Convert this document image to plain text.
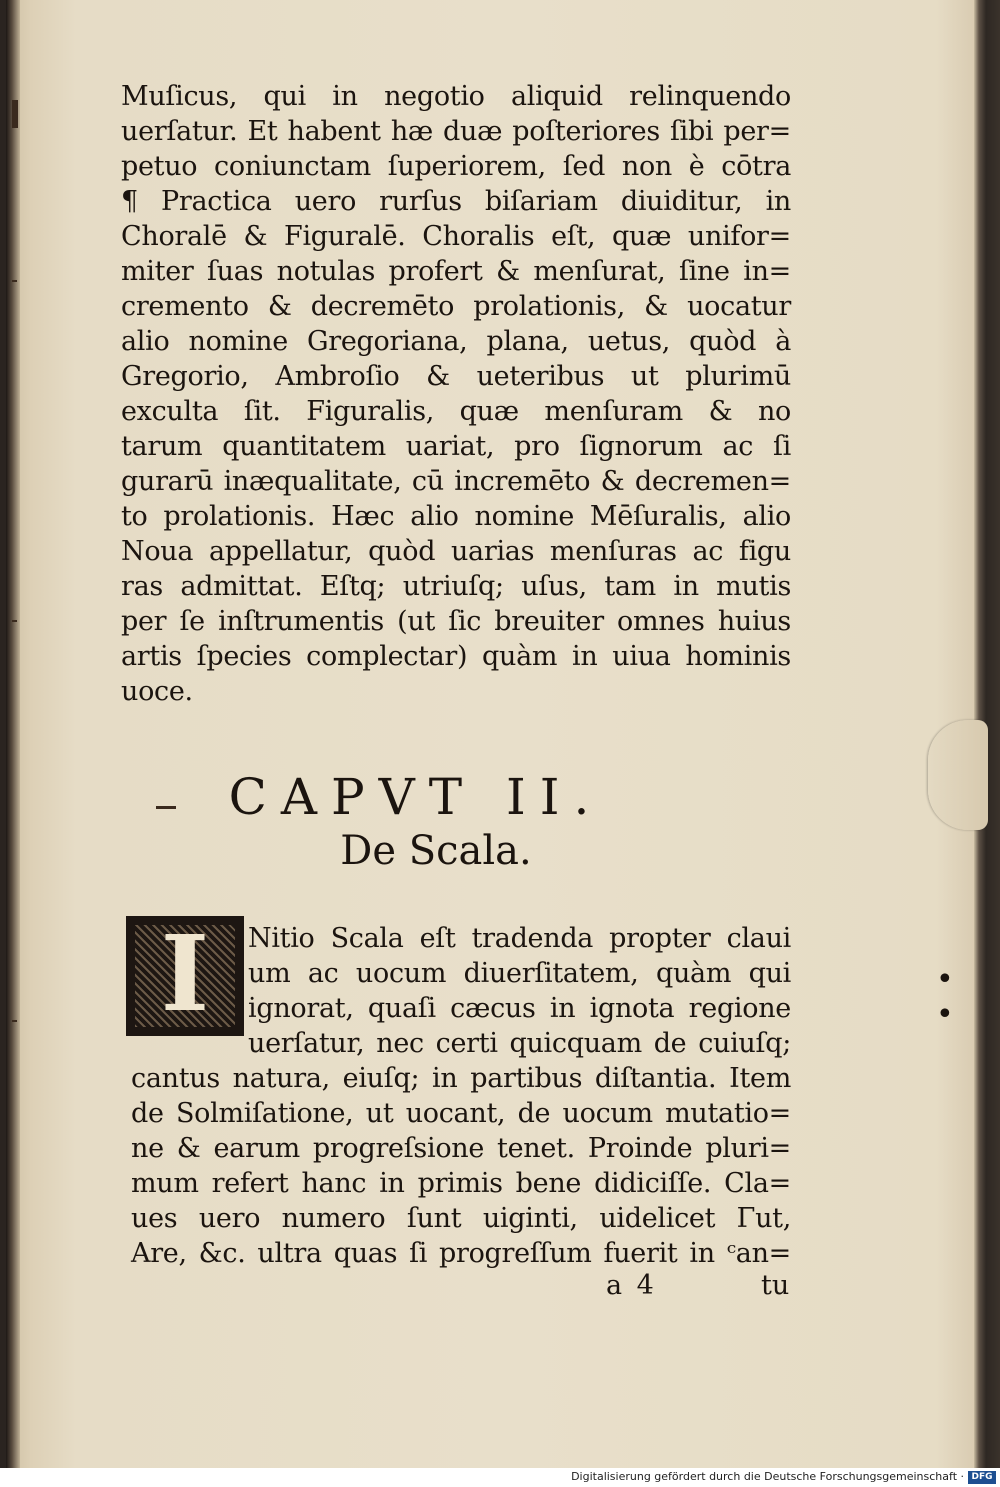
Muſicus, qui in negotio aliquid relinquendo
uerſatur. Et habent hæ duæ poſteriores ſibi per=
petuo coniunctam ſuperiorem, ſed non è cōtra
¶ Practica uero rurſus biſariam diuiditur, in
Choralē & Figuralē. Choralis eſt, quæ unifor=
miter ſuas notulas profert & menſurat, ſine in=
cremento & decremēto prolationis, & uocatur
alio nomine Gregoriana, plana, uetus, quòd à
Gregorio, Ambroſio & ueteribus ut plurimū
exculta ſit. Figuralis, quæ menſuram & no
tarum quantitatem uariat, pro ſignorum ac ſi
gurarū inæqualitate, cū incremēto & decremen=
to prolationis. Hæc alio nomine Mēſuralis, alio
Noua appellatur, quòd uarias menſuras ac figu
ras admittat. Eſtq; utriuſq; uſus, tam in mutis
per ſe inſtrumentis (ut ſic breuiter omnes huius
artis ſpecies complectar) quàm in uiua hominis
uoce.
CAPVT II.
De Scala.
I	Nitio Scala eſt tradenda propter claui
um ac uocum diuerſitatem, quàm qui
ignorat, quaſi cæcus in ignota regione
uerſatur, nec certi quicquam de cuiuſq;
cantus natura, eiuſq; in partibus diſtantia. Item
de Solmiſatione, ut uocant, de uocum mutatio=
ne & earum progreſsione tenet. Proinde pluri=
mum refert hanc in primis bene didiciſſe. Cla=
ues uero numero ſunt uiginti, uidelicet Γut,
Are, &c. ultra quas ſi progreſſum fuerit in ᶜan=
a 4	tu
• •
Digitalisierung gefördert durch die Deutsche Forschungsgemeinschaft · DFG
